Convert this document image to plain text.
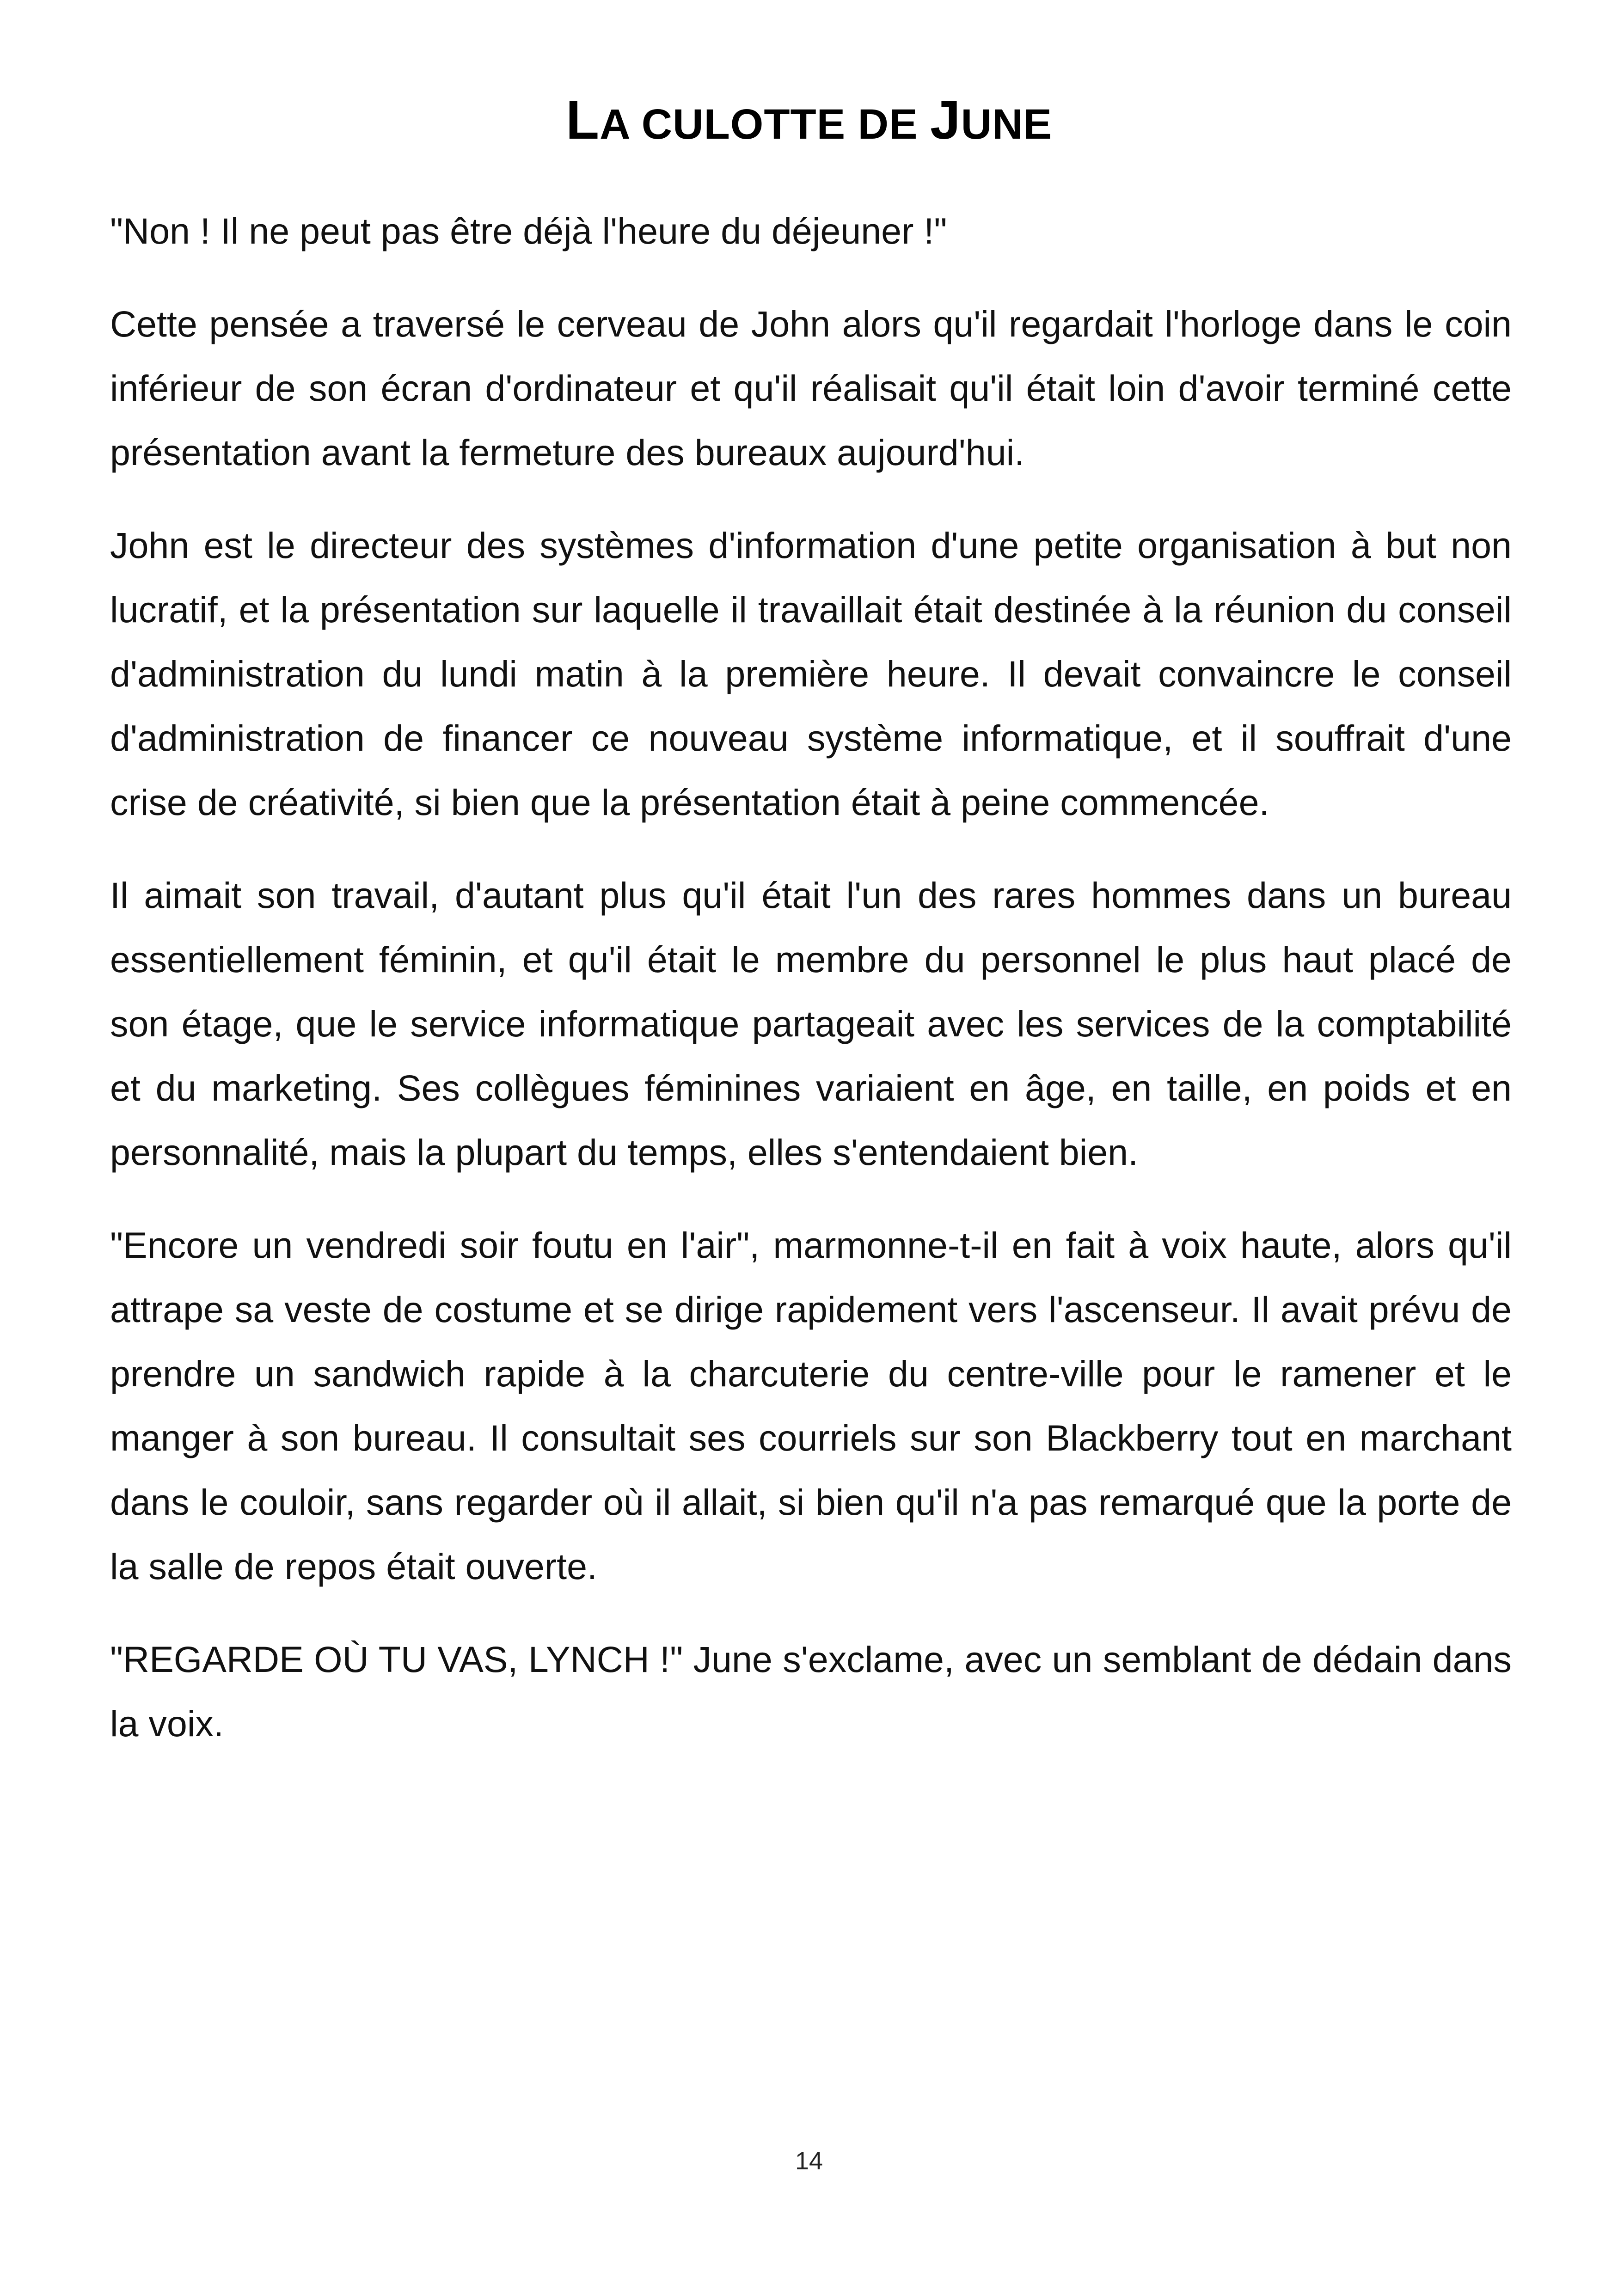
LA CULOTTE DE JUNE

"Non ! Il ne peut pas être déjà l'heure du déjeuner !"

Cette pensée a traversé le cerveau de John alors qu'il regardait l'horloge dans le coin inférieur de son écran d'ordinateur et qu'il réalisait qu'il était loin d'avoir terminé cette présentation avant la fermeture des bureaux aujourd'hui.

John est le directeur des systèmes d'information d'une petite organisation à but non lucratif, et la présentation sur laquelle il travaillait était destinée à la réunion du conseil d'administration du lundi matin à la première heure. Il devait convaincre le conseil d'administration de financer ce nouveau système informatique, et il souffrait d'une crise de créativité, si bien que la présentation était à peine commencée.

Il aimait son travail, d'autant plus qu'il était l'un des rares hommes dans un bureau essentiellement féminin, et qu'il était le membre du personnel le plus haut placé de son étage, que le service informatique partageait avec les services de la comptabilité et du marketing. Ses collègues féminines variaient en âge, en taille, en poids et en personnalité, mais la plupart du temps, elles s'entendaient bien.

"Encore un vendredi soir foutu en l'air", marmonne-t-il en fait à voix haute, alors qu'il attrape sa veste de costume et se dirige rapidement vers l'ascenseur. Il avait prévu de prendre un sandwich rapide à la charcuterie du centre-ville pour le ramener et le manger à son bureau. Il consultait ses courriels sur son Blackberry tout en marchant dans le couloir, sans regarder où il allait, si bien qu'il n'a pas remarqué que la porte de la salle de repos était ouverte.

"REGARDE OÙ TU VAS, LYNCH !" June s'exclame, avec un semblant de dédain dans la voix.

14
